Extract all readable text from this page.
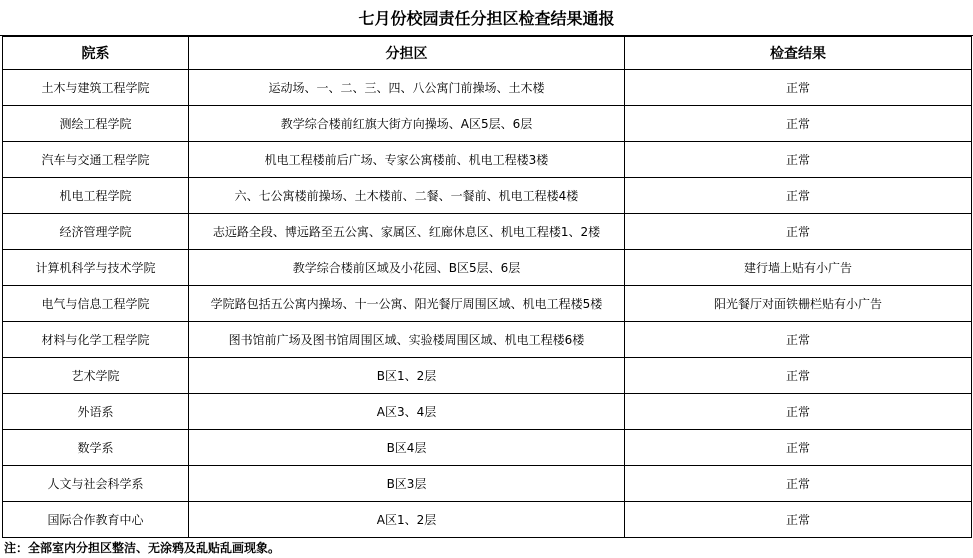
七月份校园责任分担区检查结果通报
院系	分担区	检查结果
土木与建筑工程学院	运动场、一、二、三、四、八公寓门前操场、土木楼	正常
测绘工程学院	教学综合楼前红旗大街方向操场、A区5层、6层	正常
汽车与交通工程学院	机电工程楼前后广场、专家公寓楼前、机电工程楼3楼	正常
机电工程学院	六、七公寓楼前操场、土木楼前、二餐、一餐前、机电工程楼4楼	正常
经济管理学院	志远路全段、博远路至五公寓、家属区、红廊休息区、机电工程楼1、2楼	正常
计算机科学与技术学院	教学综合楼前区域及小花园、B区5层、6层	建行墙上贴有小广告
电气与信息工程学院	学院路包括五公寓内操场、十一公寓、阳光餐厅周围区域、机电工程楼5楼	阳光餐厅对面铁栅栏贴有小广告
材料与化学工程学院	图书馆前广场及图书馆周围区域、实验楼周围区域、机电工程楼6楼	正常
艺术学院	B区1、2层	正常
外语系	A区3、4层	正常
数学系	B区4层	正常
人文与社会科学系	B区3层	正常
国际合作教育中心	A区1、2层	正常
注：全部室内分担区整洁、无涂鸦及乱贴乱画现象。
